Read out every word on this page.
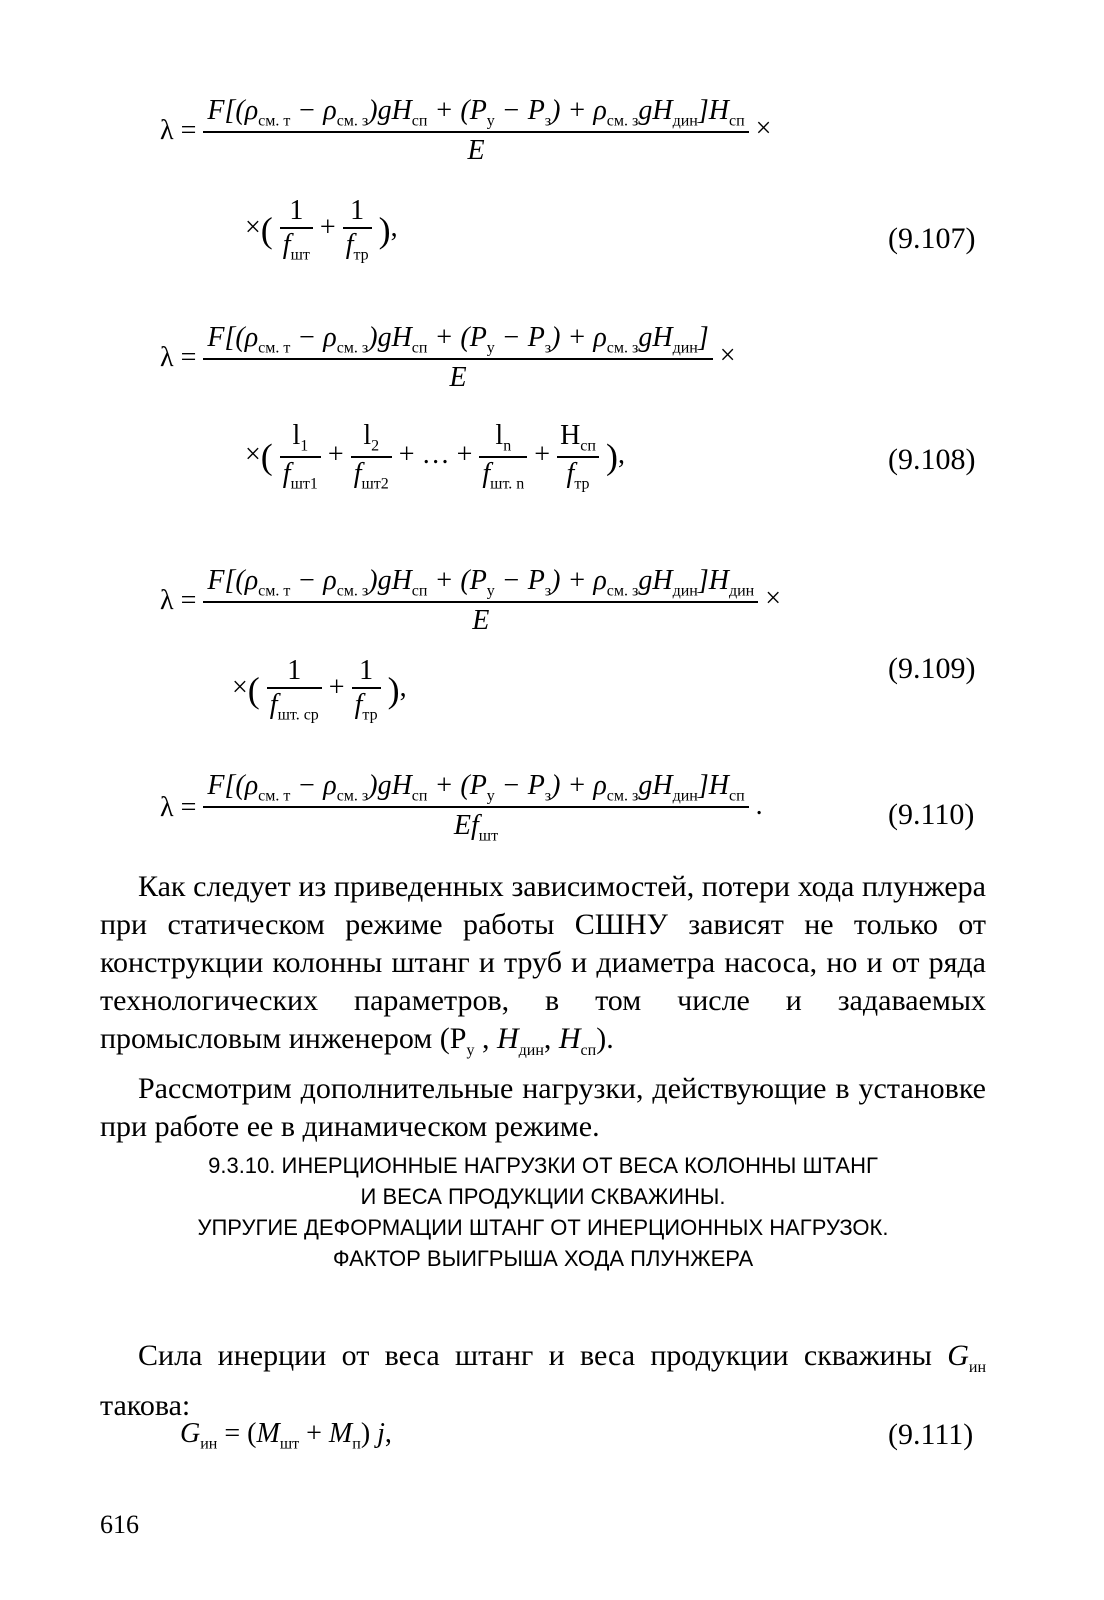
$\lambda = \frac{F[(\rho_{см. т} - \rho_{см. з})gH_{сп} + (P_у - P_з) + \rho_{см. з}gH_{дин}]H_{сп}}{E}$ ×
×( 1
$f_{шт}$
+
1
$f_{тр}$
),	(9.107)
$\lambda = \frac{F[(\rho_{см. т} - \rho_{см. з})gH_{сп} + (P_у - P_з) + \rho_{см. з}gH_{дин}]}{E}$ ×
×(
$l_1$
$f_{шт1}$
+
$l_2$
$f_{шт2}$
+ … +
$l_n$
$f_{шт. n}$
+
$H_{сп}$
$f_{тр}$
),	(9.108)
$\lambda = \frac{F[(\rho_{см. т} - \rho_{см. з})gH_{сп} + (P_у - P_з) + \rho_{см. з}gH_{дин}]H_{дин}}{E}$ ×
×( 1
$f_{шт. ср}$
+
1
$f_{тр}$
),
(9.109)
$\lambda = \frac{F[(\rho_{см. т} - \rho_{см. з})gH_{сп} + (P_у - P_з) + \rho_{см. з}gH_{дин}]H_{сп}}{Ef_{шт}}$ .	(9.110)

Как следует из приведенных зависимостей, потери хода плунжера при статическом режиме работы СШНУ зависят не только от конструкции колонны штанг и труб и диаметра насоса, но и от ряда технологических параметров, в том числе и задаваемых промысловым инженером ($P_у$ , $H_{дин}$, $H_{сп}$).

Рассмотрим дополнительные нагрузки, действующие в установке при работе ее в динамическом режиме.

9.3.10. ИНЕРЦИОННЫЕ НАГРУЗКИ ОТ ВЕСА КОЛОННЫ ШТАНГ
И ВЕСА ПРОДУКЦИИ СКВАЖИНЫ.
УПРУГИЕ ДЕФОРМАЦИИ ШТАНГ ОТ ИНЕРЦИОННЫХ НАГРУЗОК.
ФАКТОР ВЫИГРЫША ХОДА ПЛУНЖЕРА

Сила инерции от веса штанг и веса продукции скважины $G_{ин}$ такова:

$G_{ин} = (M_{шт} + M_п)$ j,	(9.111)
616
